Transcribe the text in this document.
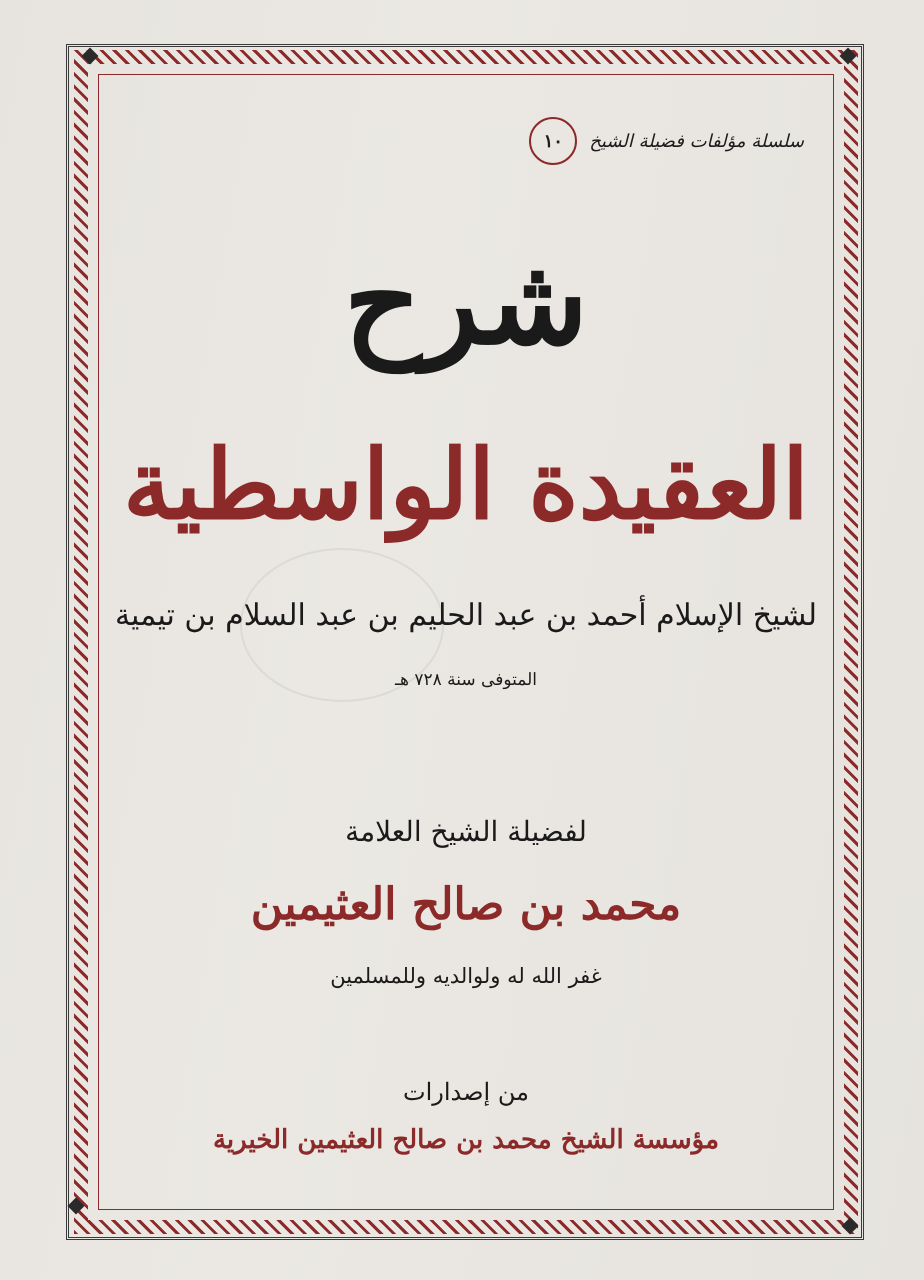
سلسلة مؤلفات فضيلة الشيخ
١٠
شرح
العقيدة الواسطية
لشيخ الإسلام أحمد بن عبد الحليم بن عبد السلام بن تيمية
المتوفى سنة ٧٢٨ هـ
لفضيلة الشيخ العلامة
محمد بن صالح العثيمين
غفر الله له ولوالديه وللمسلمين
من إصدارات
مؤسسة الشيخ محمد بن صالح العثيمين الخيرية
